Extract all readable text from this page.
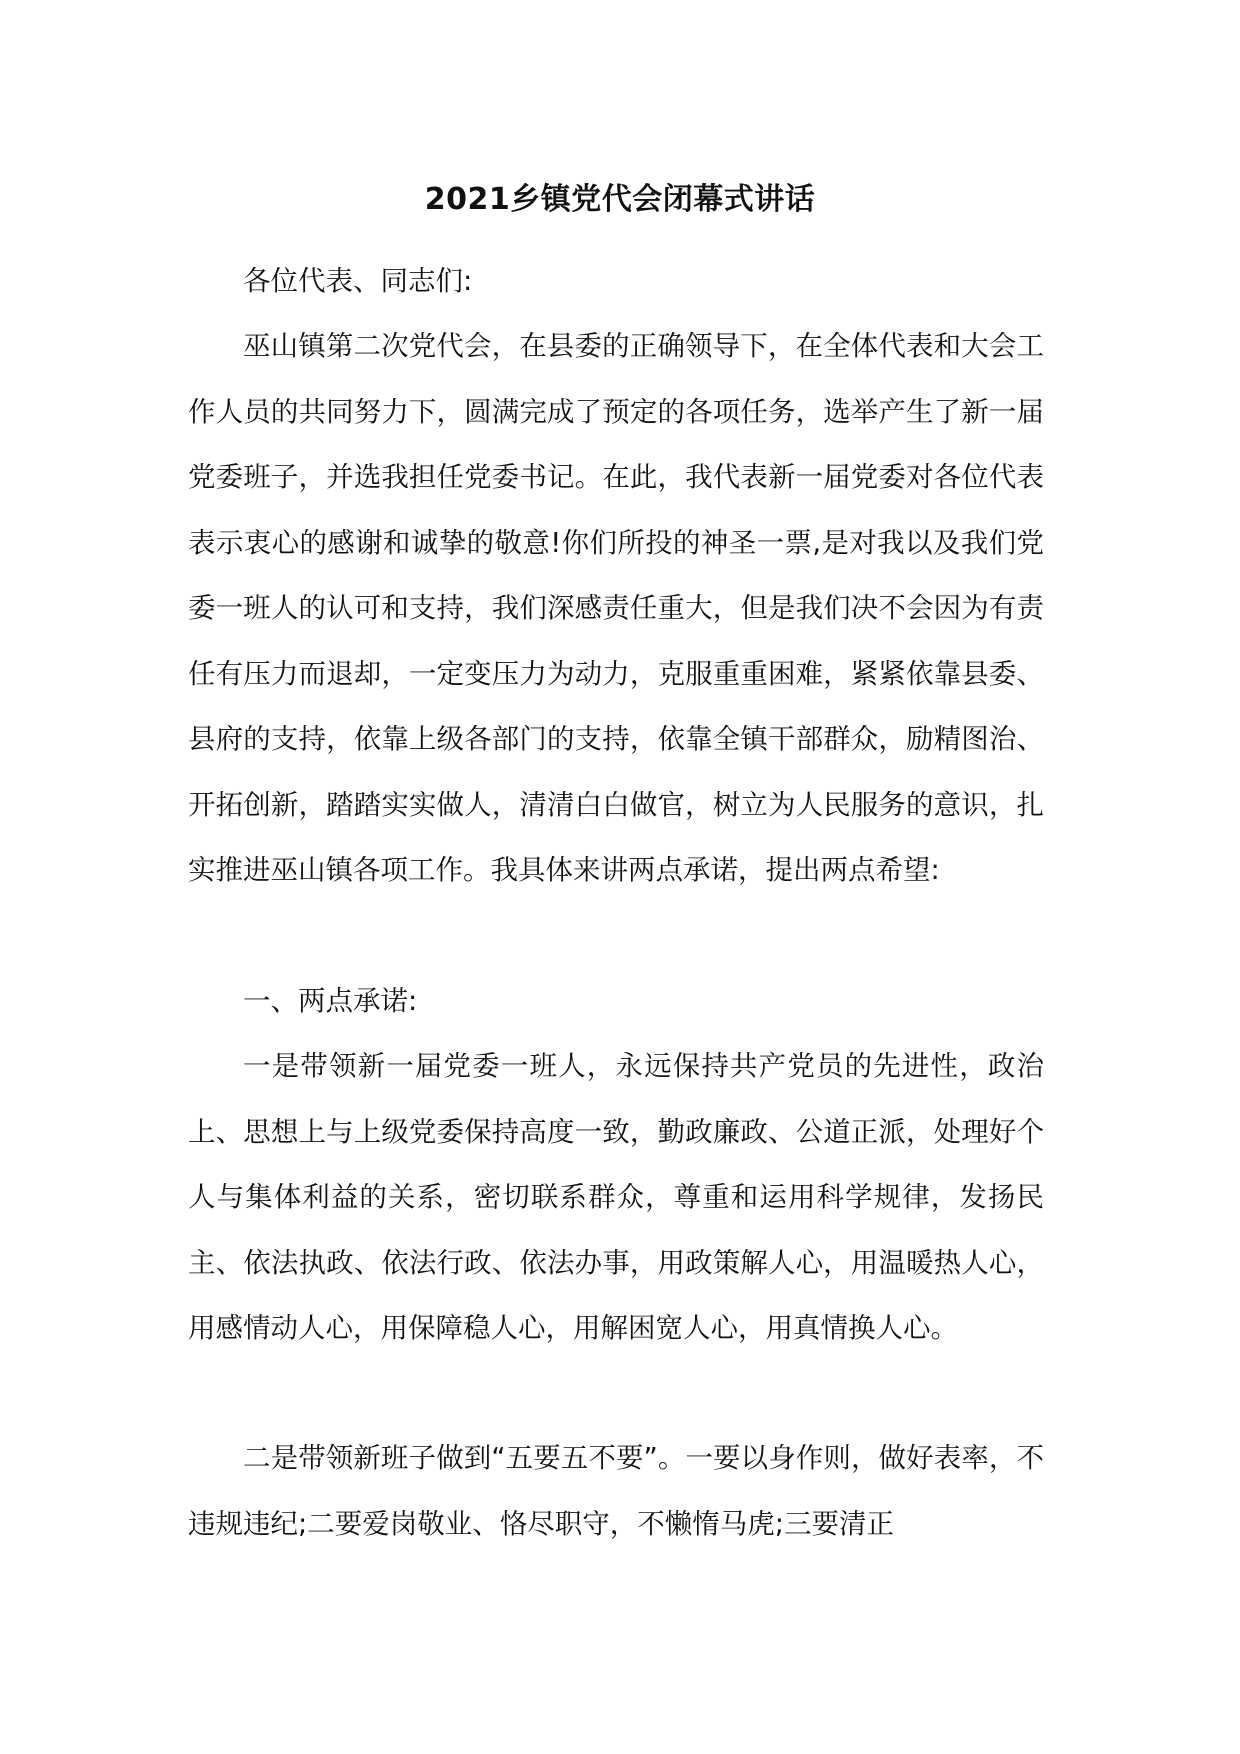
2021乡镇党代会闭幕式讲话

各位代表、同志们:

巫山镇第二次党代会，在县委的正确领导下，在全体代表和大会工作人员的共同努力下，圆满完成了预定的各项任务，选举产生了新一届党委班子，并选我担任党委书记。在此，我代表新一届党委对各位代表表示衷心的感谢和诚挚的敬意!你们所投的神圣一票,是对我以及我们党委一班人的认可和支持，我们深感责任重大，但是我们决不会因为有责任有压力而退却，一定变压力为动力，克服重重困难，紧紧依靠县委、县府的支持，依靠上级各部门的支持，依靠全镇干部群众，励精图治、开拓创新，踏踏实实做人，清清白白做官，树立为人民服务的意识，扎实推进巫山镇各项工作。我具体来讲两点承诺，提出两点希望:

一、两点承诺:

一是带领新一届党委一班人，永远保持共产党员的先进性，政治上、思想上与上级党委保持高度一致，勤政廉政、公道正派，处理好个人与集体利益的关系，密切联系群众，尊重和运用科学规律，发扬民主、依法执政、依法行政、依法办事，用政策解人心，用温暖热人心，用感情动人心，用保障稳人心，用解困宽人心，用真情换人心。

二是带领新班子做到“五要五不要”。一要以身作则，做好表率，不违规违纪;二要爱岗敬业、恪尽职守，不懒惰马虎;三要清正
